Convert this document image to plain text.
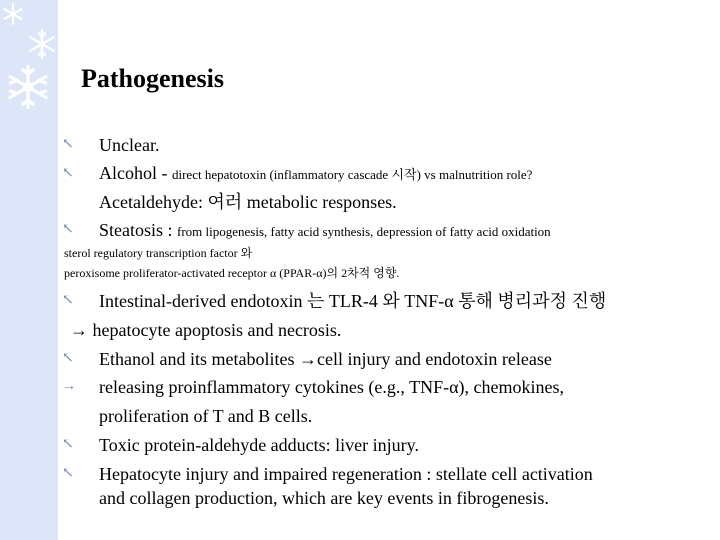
Pathogenesis
↖
↖
↖
↖
↖
→
↖
↖
Unclear.
Alcohol - direct hepatotoxin (inflammatory cascade 시작) vs malnutrition role?
Acetaldehyde: 여러 metabolic responses.
Steatosis : from lipogenesis, fatty acid synthesis, depression of fatty acid oxidation
sterol regulatory transcription factor 와
peroxisome proliferator-activated receptor α (PPAR-α)의 2차적 영향.
Intestinal-derived endotoxin 는 TLR-4 와 TNF-α 통해 병리과정 진행
→ hepatocyte apoptosis and necrosis.
Ethanol and its metabolites →cell injury and endotoxin release
releasing proinflammatory cytokines (e.g., TNF-α), chemokines,
proliferation of T and B cells.
Toxic protein-aldehyde adducts: liver injury.
Hepatocyte injury and impaired regeneration : stellate cell activation
and collagen production, which are key events in fibrogenesis.
